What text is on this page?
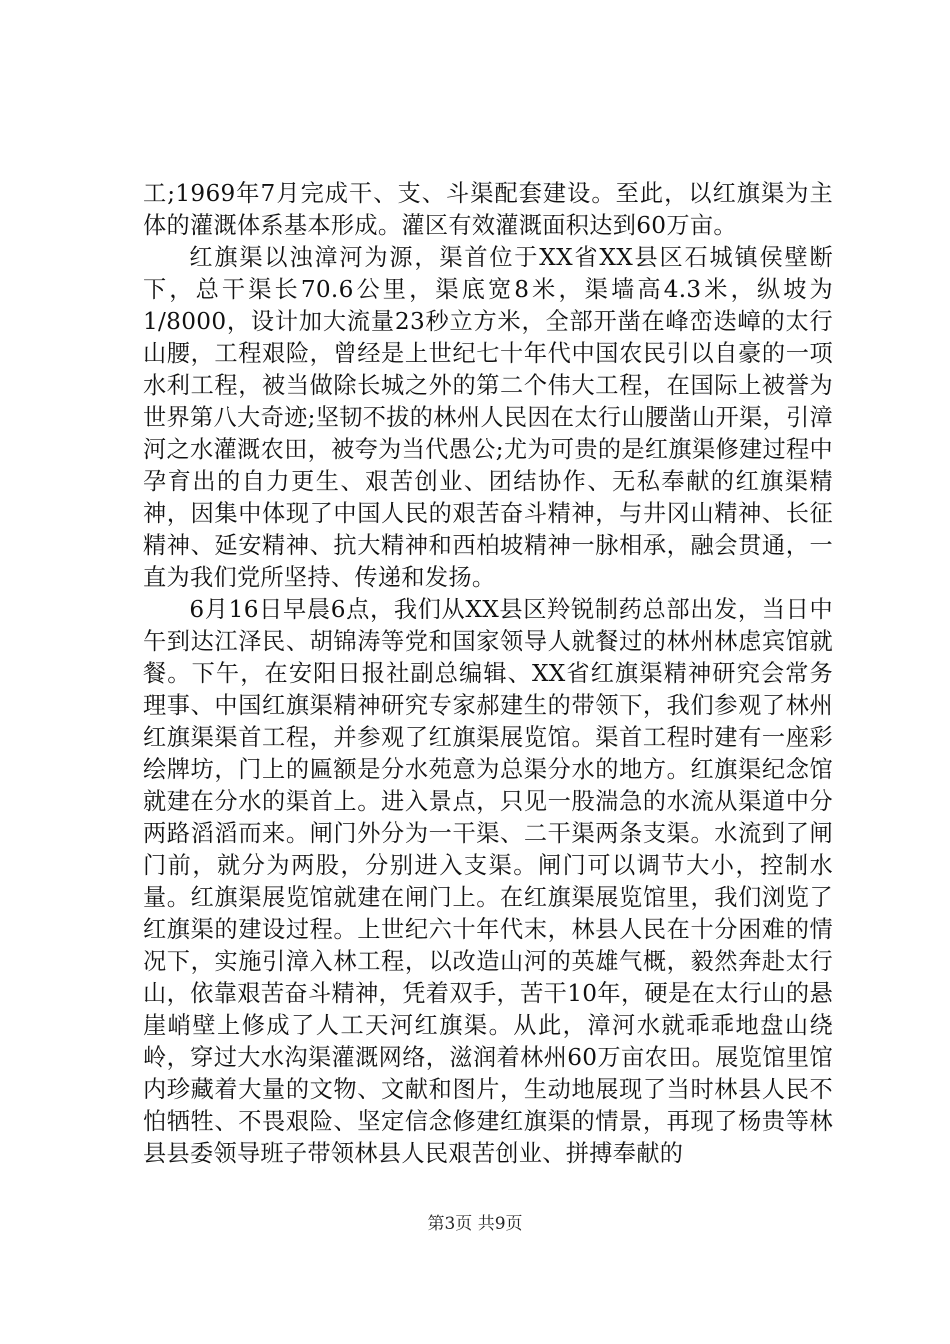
工;1969年7月完成干、支、斗渠配套建设。至此，以红旗渠为主体的灌溉体系基本形成。灌区有效灌溉面积达到60万亩。

红旗渠以浊漳河为源，渠首位于XX省XX县区石城镇侯壁断下，总干渠长70.6公里，渠底宽8米，渠墙高4.3米，纵坡为1/8000，设计加大流量23秒立方米，全部开凿在峰峦迭嶂的太行山腰，工程艰险，曾经是上世纪七十年代中国农民引以自豪的一项水利工程，被当做除长城之外的第二个伟大工程，在国际上被誉为世界第八大奇迹;坚韧不拔的林州人民因在太行山腰凿山开渠，引漳河之水灌溉农田，被夸为当代愚公;尤为可贵的是红旗渠修建过程中孕育出的自力更生、艰苦创业、团结协作、无私奉献的红旗渠精神，因集中体现了中国人民的艰苦奋斗精神，与井冈山精神、长征精神、延安精神、抗大精神和西柏坡精神一脉相承，融会贯通，一直为我们党所坚持、传递和发扬。

6月16日早晨6点，我们从XX县区羚锐制药总部出发，当日中午到达江泽民、胡锦涛等党和国家领导人就餐过的林州林虑宾馆就餐。下午，在安阳日报社副总编辑、XX省红旗渠精神研究会常务理事、中国红旗渠精神研究专家郝建生的带领下，我们参观了林州红旗渠渠首工程，并参观了红旗渠展览馆。渠首工程时建有一座彩绘牌坊，门上的匾额是分水苑意为总渠分水的地方。红旗渠纪念馆就建在分水的渠首上。进入景点，只见一股湍急的水流从渠道中分两路滔滔而来。闸门外分为一干渠、二干渠两条支渠。水流到了闸门前，就分为两股，分别进入支渠。闸门可以调节大小，控制水量。红旗渠展览馆就建在闸门上。在红旗渠展览馆里，我们浏览了红旗渠的建设过程。上世纪六十年代末，林县人民在十分困难的情况下，实施引漳入林工程，以改造山河的英雄气概，毅然奔赴太行山，依靠艰苦奋斗精神，凭着双手，苦干10年，硬是在太行山的悬崖峭壁上修成了人工天河红旗渠。从此，漳河水就乖乖地盘山绕岭，穿过大水沟渠灌溉网络，滋润着林州60万亩农田。展览馆里馆内珍藏着大量的文物、文献和图片，生动地展现了当时林县人民不怕牺牲、不畏艰险、坚定信念修建红旗渠的情景，再现了杨贵等林县县委领导班子带领林县人民艰苦创业、拼搏奉献的

第3页 共9页
